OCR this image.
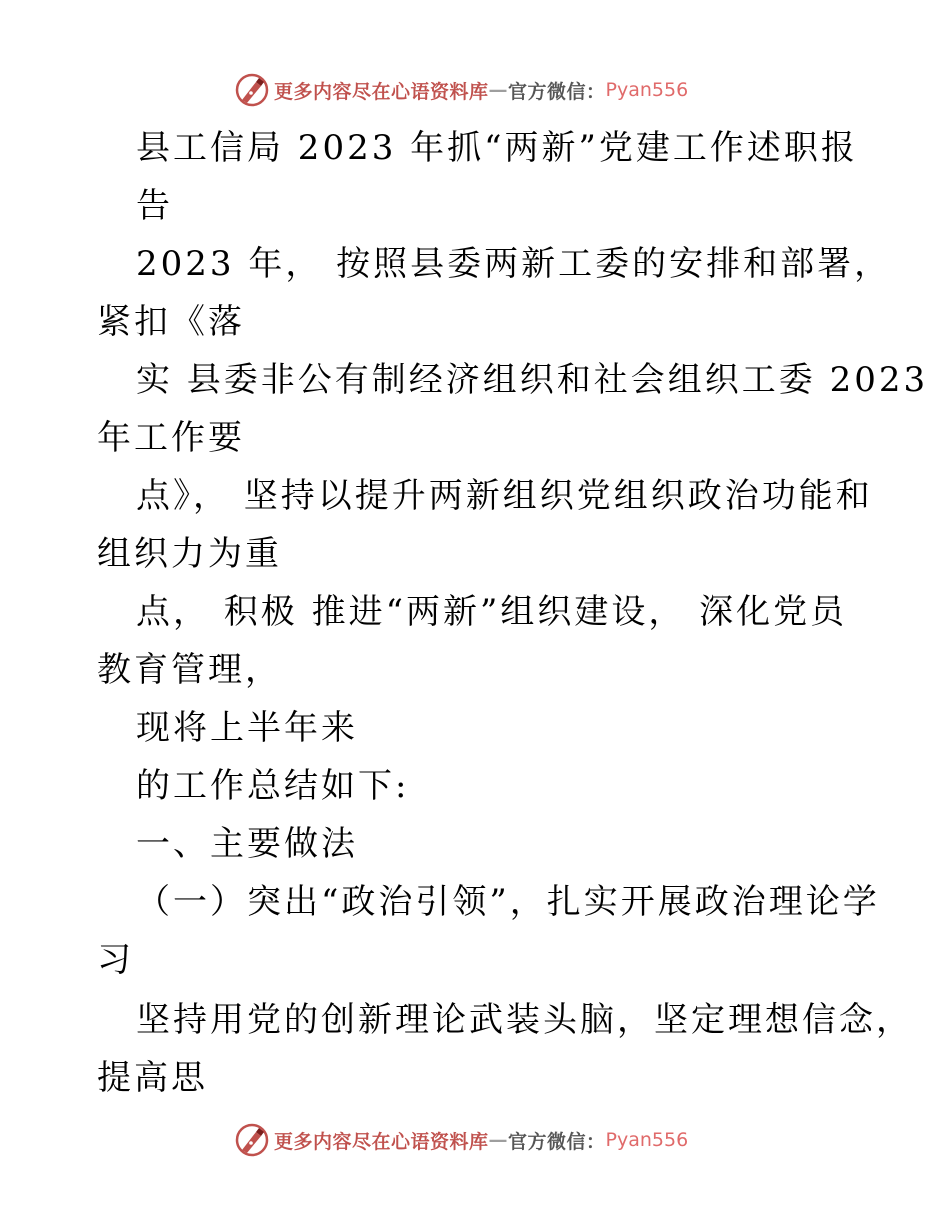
更多内容尽在心语资料库 — 官方微信： Pyan556

县工信局 2023 年抓“两新”党建工作述职报

告

2023 年， 按照县委两新工委的安排和部署，

紧扣《落

实 县委非公有制经济组织和社会组织工委 2023

年工作要

点》， 坚持以提升两新组织党组织政治功能和

组织力为重

点， 积极 推进“两新”组织建设， 深化党员

教育管理，

现将上半年来

的工作总结如下:

一、主要做法

（一）突出“政治引领”，扎实开展政治理论学

习

坚持用党的创新理论武装头脑，坚定理想信念，

提高思

更多内容尽在心语资料库 — 官方微信： Pyan556
